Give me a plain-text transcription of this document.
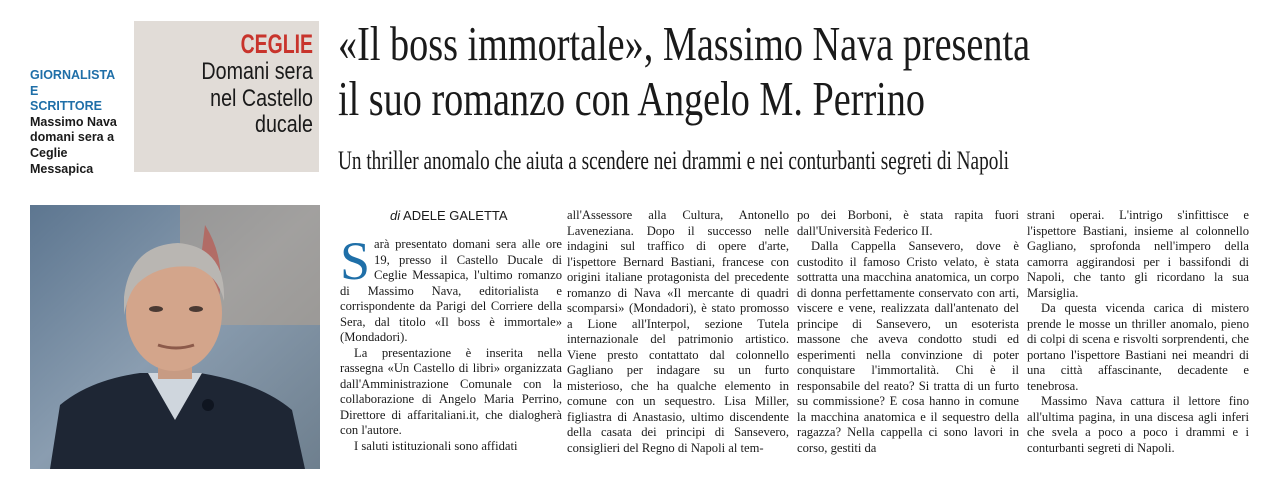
GIORNALISTA
E
SCRITTORE
Massimo Nava domani sera a Ceglie Messapica
CEGLIE
Domani sera
nel Castello
ducale
«Il boss immortale», Massimo Nava presenta
il suo romanzo con Angelo M. Perrino
Un thriller anomalo che aiuta a scendere nei drammi e nei conturbanti segreti di Napoli
di ADELE GALETTA

Sarà presentato domani sera alle ore 19, presso il Castello Ducale di Ceglie Messapica, l'ultimo romanzo di Massimo Nava, editorialista e corrispondente da Parigi del Corriere della Sera, dal titolo «Il boss è immortale» (Mondadori).

La presentazione è inserita nella rassegna «Un Castello di libri» organizzata dall'Amministrazione Comunale con la collaborazione di Angelo Maria Perrino, Direttore di affaritaliani.it, che dialogherà con l'autore.

I saluti istituzionali sono affidati

all'Assessore alla Cultura, Antonello Laveneziana. Dopo il successo nelle indagini sul traffico di opere d'arte, l'ispettore Bernard Bastiani, francese con origini italiane protagonista del precedente romanzo di Nava «Il mercante di quadri scomparsi» (Mondadori), è stato promosso a Lione all'Interpol, sezione Tutela internazionale del patrimonio artistico. Viene presto contattato dal colonnello Gagliano per indagare su un furto misterioso, che ha qualche elemento in comune con un sequestro. Lisa Miller, figliastra di Anastasio, ultimo discendente della casata dei principi di Sansevero, consiglieri del Regno di Napoli al tem-

po dei Borboni, è stata rapita fuori dall'Università Federico II.

Dalla Cappella Sansevero, dove è custodito il famoso Cristo velato, è stata sottratta una macchina anatomica, un corpo di donna perfettamente conservato con arti, viscere e vene, realizzata dall'antenato del principe di Sansevero, un esoterista massone che aveva condotto studi ed esperimenti nella convinzione di poter conquistare l'immortalità. Chi è il responsabile del reato? Si tratta di un furto su commissione? E cosa hanno in comune la macchina anatomica e il sequestro della ragazza? Nella cappella ci sono lavori in corso, gestiti da

strani operai. L'intrigo s'infittisce e l'ispettore Bastiani, insieme al colonnello Gagliano, sprofonda nell'impero della camorra aggirandosi per i bassifondi di Napoli, che tanto gli ricordano la sua Marsiglia.

Da questa vicenda carica di mistero prende le mosse un thriller anomalo, pieno di colpi di scena e risvolti sorprendenti, che portano l'ispettore Bastiani nei meandri di una città affascinante, decadente e tenebrosa.

Massimo Nava cattura il lettore fino all'ultima pagina, in una discesa agli inferi che svela a poco a poco i drammi e i conturbanti segreti di Napoli.
